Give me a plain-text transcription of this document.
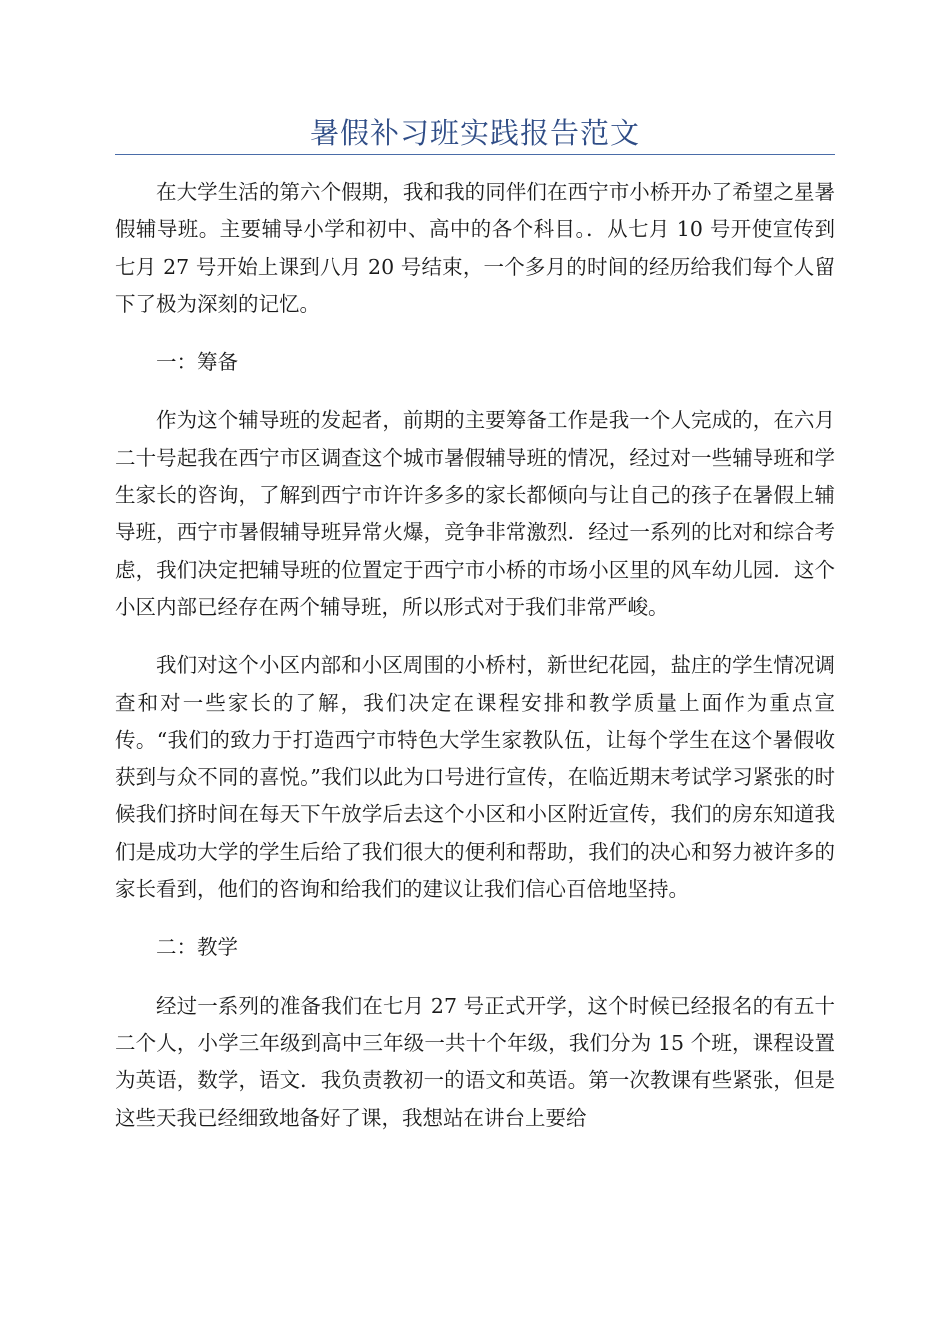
暑假补习班实践报告范文

在大学生活的第六个假期，我和我的同伴们在西宁市小桥开办了希望之星暑假辅导班。主要辅导小学和初中、高中的各个科目。．从七月 10 号开使宣传到七月 27 号开始上课到八月 20 号结束，一个多月的时间的经历给我们每个人留下了极为深刻的记忆。

一：筹备

作为这个辅导班的发起者，前期的主要筹备工作是我一个人完成的，在六月二十号起我在西宁市区调查这个城市暑假辅导班的情况，经过对一些辅导班和学生家长的咨询，了解到西宁市许许多多的家长都倾向与让自己的孩子在暑假上辅导班，西宁市暑假辅导班异常火爆，竞争非常激烈．经过一系列的比对和综合考虑，我们决定把辅导班的位置定于西宁市小桥的市场小区里的风车幼儿园．这个小区内部已经存在两个辅导班，所以形式对于我们非常严峻。

我们对这个小区内部和小区周围的小桥村，新世纪花园，盐庄的学生情况调查和对一些家长的了解，我们决定在课程安排和教学质量上面作为重点宣传。“我们的致力于打造西宁市特色大学生家教队伍，让每个学生在这个暑假收获到与众不同的喜悦。”我们以此为口号进行宣传，在临近期末考试学习紧张的时候我们挤时间在每天下午放学后去这个小区和小区附近宣传，我们的房东知道我们是成功大学的学生后给了我们很大的便利和帮助，我们的决心和努力被许多的家长看到，他们的咨询和给我们的建议让我们信心百倍地坚持。

二：教学

经过一系列的准备我们在七月 27 号正式开学，这个时候已经报名的有五十二个人，小学三年级到高中三年级一共十个年级，我们分为 15 个班，课程设置为英语，数学，语文．我负责教初一的语文和英语。第一次教课有些紧张，但是这些天我已经细致地备好了课，我想站在讲台上要给
